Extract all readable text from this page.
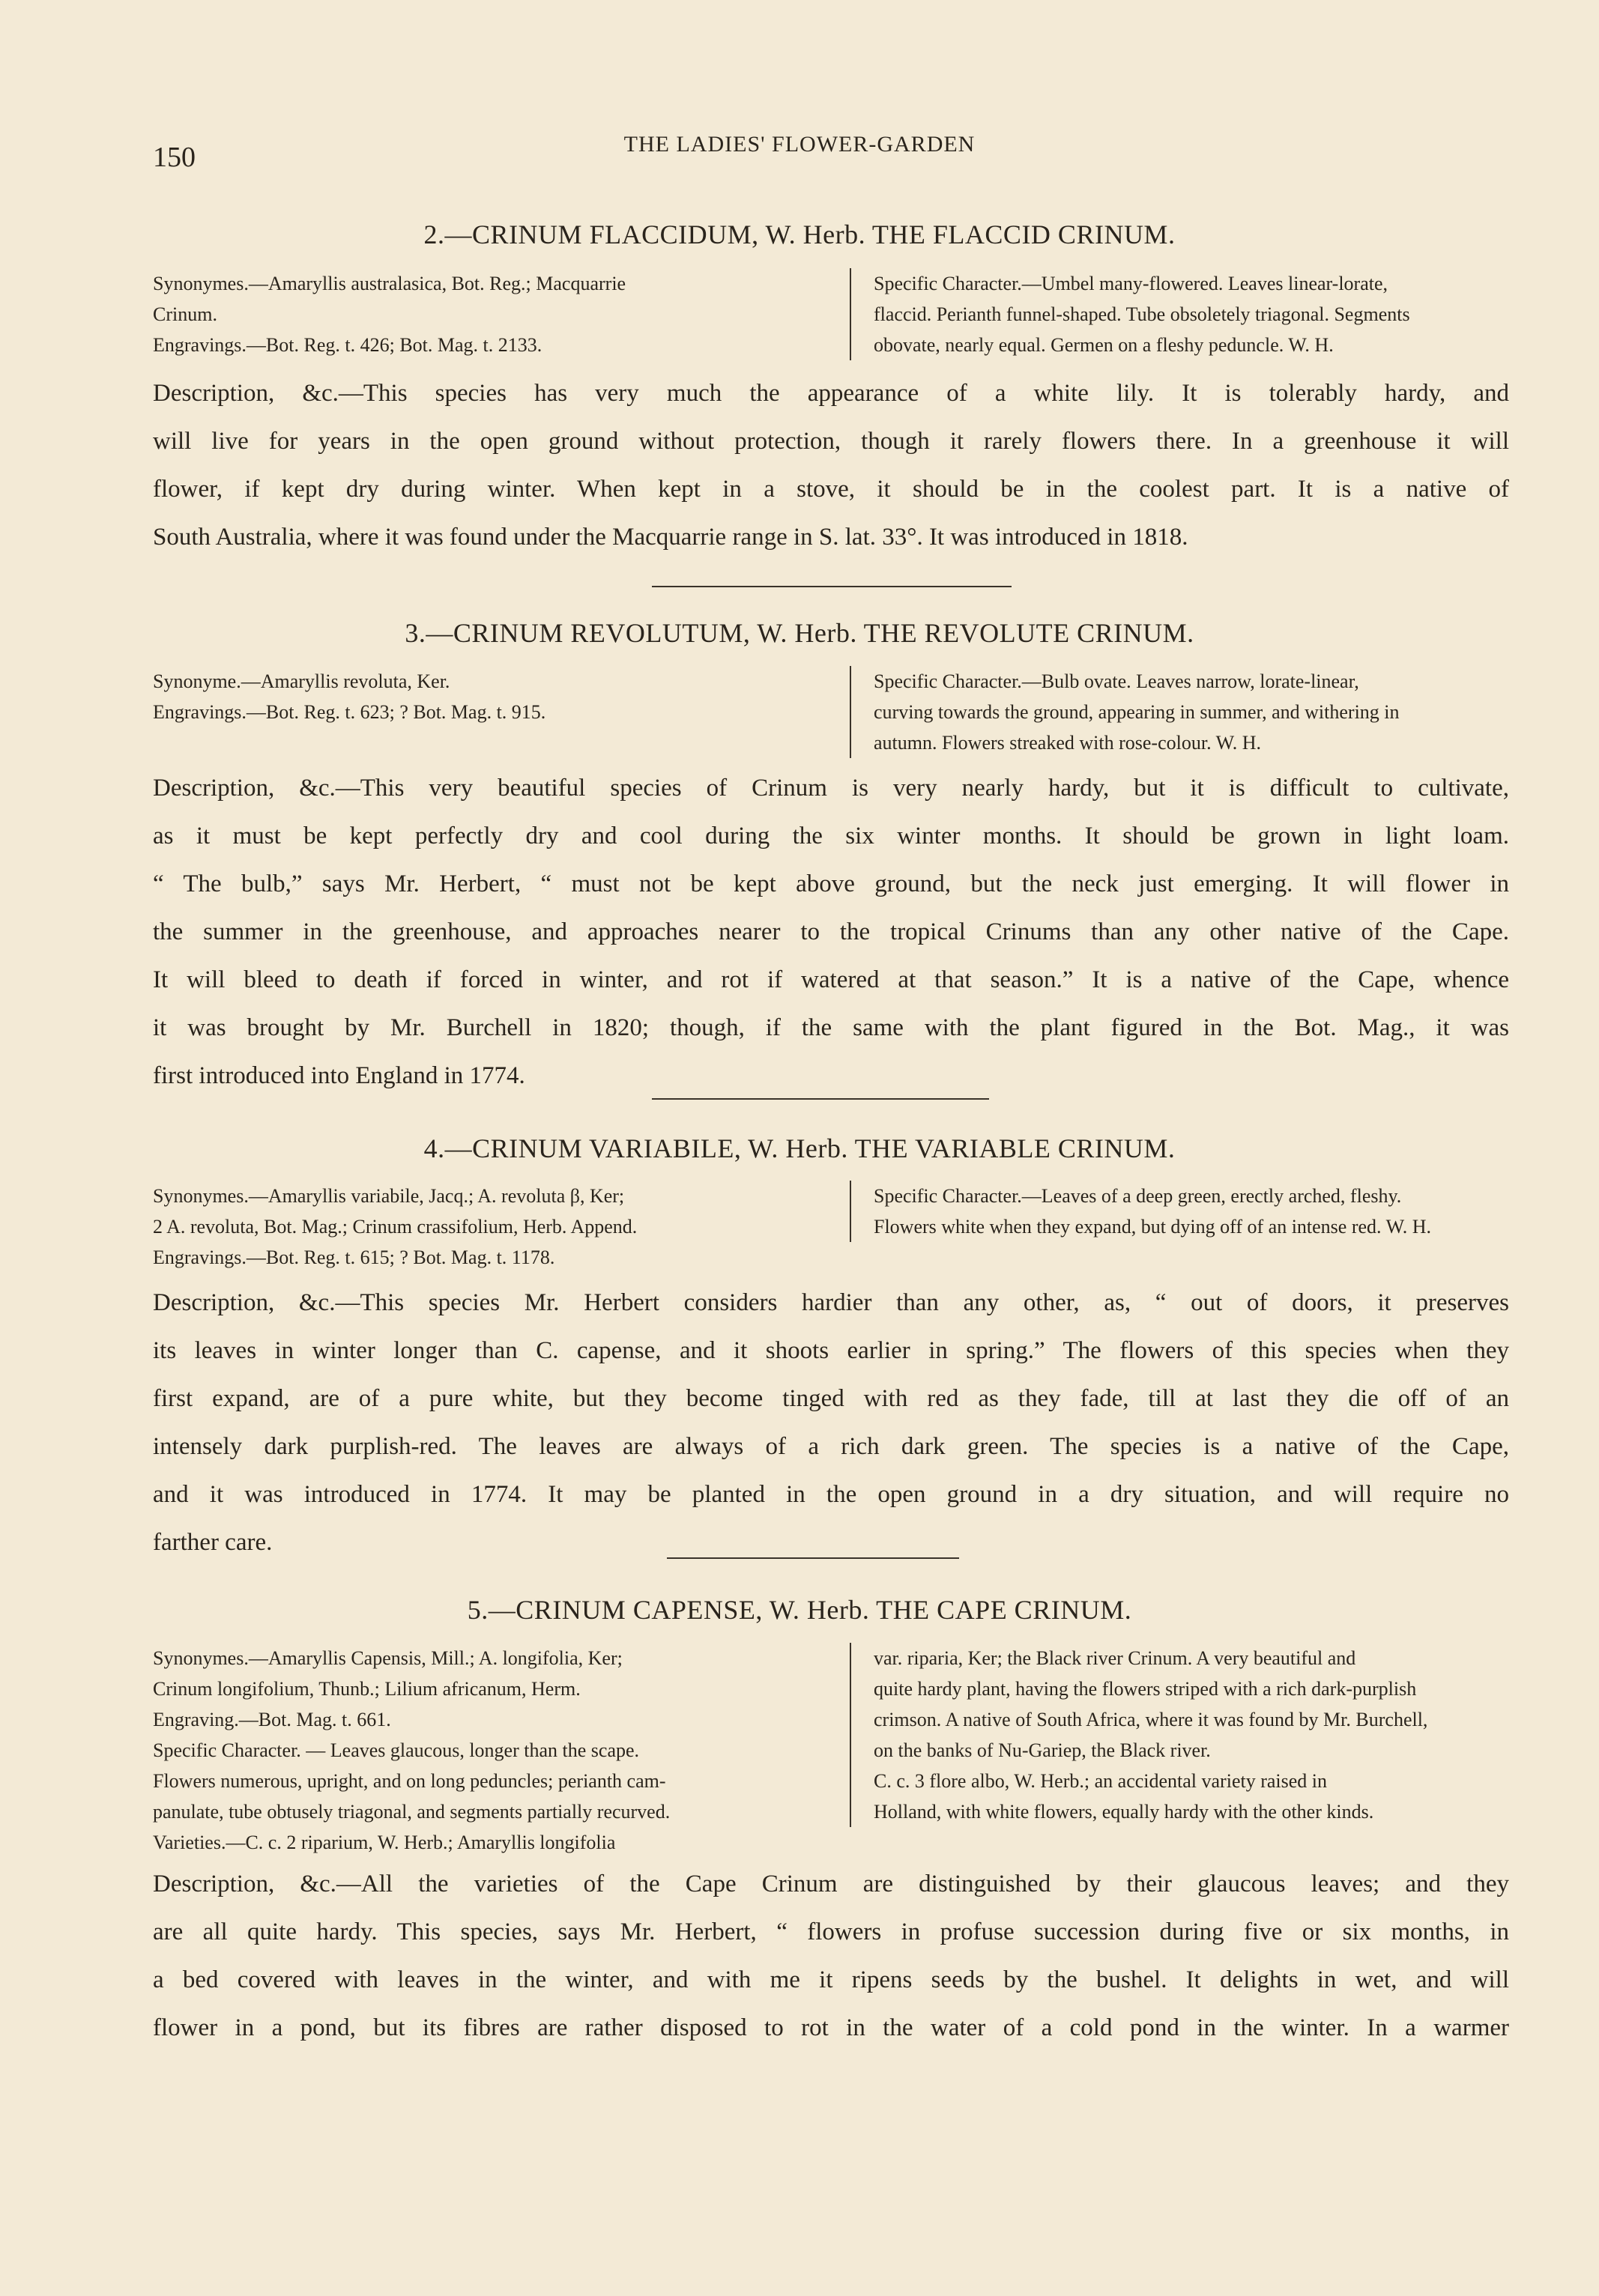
150	THE LADIES' FLOWER-GARDEN
2.—CRINUM FLACCIDUM, W. Herb. THE FLACCID CRINUM.
Synonymes.—Amaryllis australasica, Bot. Reg.; Macquarrie
Crinum.
Engravings.—Bot. Reg. t. 426; Bot. Mag. t. 2133.
Specific Character.—Umbel many-flowered. Leaves linear-lorate,
flaccid. Perianth funnel-shaped. Tube obsoletely triagonal. Segments
obovate, nearly equal. Germen on a fleshy peduncle. W. H.
Description, &c.—This species has very much the appearance of a white lily. It is tolerably hardy, and
will live for years in the open ground without protection, though it rarely flowers there. In a greenhouse it will
flower, if kept dry during winter. When kept in a stove, it should be in the coolest part. It is a native of
South Australia, where it was found under the Macquarrie range in S. lat. 33°. It was introduced in 1818.
3.—CRINUM REVOLUTUM, W. Herb. THE REVOLUTE CRINUM.
Synonyme.—Amaryllis revoluta, Ker.
Engravings.—Bot. Reg. t. 623; ? Bot. Mag. t. 915.
Specific Character.—Bulb ovate. Leaves narrow, lorate-linear,
curving towards the ground, appearing in summer, and withering in
autumn. Flowers streaked with rose-colour. W. H.
Description, &c.—This very beautiful species of Crinum is very nearly hardy, but it is difficult to cultivate,
as it must be kept perfectly dry and cool during the six winter months. It should be grown in light loam.
“ The bulb,” says Mr. Herbert, “ must not be kept above ground, but the neck just emerging. It will flower in
the summer in the greenhouse, and approaches nearer to the tropical Crinums than any other native of the Cape.
It will bleed to death if forced in winter, and rot if watered at that season.” It is a native of the Cape, whence
it was brought by Mr. Burchell in 1820; though, if the same with the plant figured in the Bot. Mag., it was
first introduced into England in 1774.
4.—CRINUM VARIABILE, W. Herb. THE VARIABLE CRINUM.
Synonymes.—Amaryllis variabile, Jacq.; A. revoluta β, Ker;
2 A. revoluta, Bot. Mag.; Crinum crassifolium, Herb. Append.
Engravings.—Bot. Reg. t. 615; ? Bot. Mag. t. 1178.
Specific Character.—Leaves of a deep green, erectly arched, fleshy.
Flowers white when they expand, but dying off of an intense red. W. H.
Description, &c.—This species Mr. Herbert considers hardier than any other, as, “ out of doors, it preserves
its leaves in winter longer than C. capense, and it shoots earlier in spring.” The flowers of this species when they
first expand, are of a pure white, but they become tinged with red as they fade, till at last they die off of an
intensely dark purplish-red. The leaves are always of a rich dark green. The species is a native of the Cape,
and it was introduced in 1774. It may be planted in the open ground in a dry situation, and will require no
farther care.
5.—CRINUM CAPENSE, W. Herb. THE CAPE CRINUM.
Synonymes.—Amaryllis Capensis, Mill.; A. longifolia, Ker;
Crinum longifolium, Thunb.; Lilium africanum, Herm.
Engraving.—Bot. Mag. t. 661.
Specific Character. — Leaves glaucous, longer than the scape.
Flowers numerous, upright, and on long peduncles; perianth cam-
panulate, tube obtusely triagonal, and segments partially recurved.
Varieties.—C. c. 2 riparium, W. Herb.; Amaryllis longifolia
var. riparia, Ker; the Black river Crinum. A very beautiful and
quite hardy plant, having the flowers striped with a rich dark-purplish
crimson. A native of South Africa, where it was found by Mr. Burchell,
on the banks of Nu-Gariep, the Black river.
C. c. 3 flore albo, W. Herb.; an accidental variety raised in
Holland, with white flowers, equally hardy with the other kinds.
Description, &c.—All the varieties of the Cape Crinum are distinguished by their glaucous leaves; and they
are all quite hardy. This species, says Mr. Herbert, “ flowers in profuse succession during five or six months, in
a bed covered with leaves in the winter, and with me it ripens seeds by the bushel. It delights in wet, and will
flower in a pond, but its fibres are rather disposed to rot in the water of a cold pond in the winter. In a warmer
